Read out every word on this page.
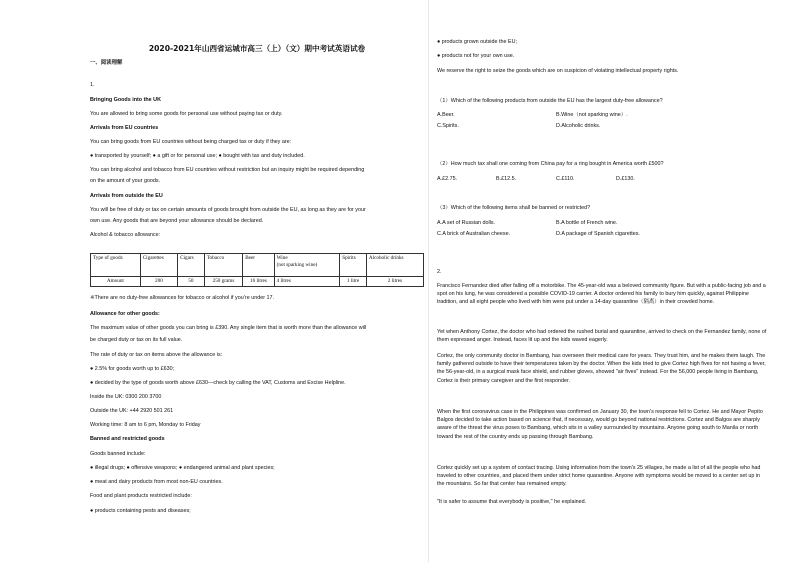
2020-2021年山西省运城市高三（上）（文）期中考试英语试卷
一、阅读理解
1.
Bringing Goods into the UK
You are allowed to bring some goods for personal use without paying tax or duty.
Arrivals from EU countries
You can bring goods from EU countries without being charged tax or duty if they are:
● transported by yourself; ● a gift or for personal use; ● bought with tax and duty included.
You can bring alcohol and tobacco from EU countries without restriction but an inquiry might be required depending
on the amount of your goods.
Arrivals from outside the EU
You will be free of duty or tax on certain amounts of goods brought from outside the EU, as long as they are for your
own use. Any goods that are beyond your allowance should be declared.
Alcohol & tobacco allowance:
Type of goods	Cigarettes	Cigars	Tobacco	Beer	Wine
(not sparking wine)	Spirits	Alcoholic drinks
Amount	200	50	250 grams	16 litres	4 litres	1 litre	2 litres
※There are no duty-free allowances for tobacco or alcohol if you’re under 17.
Allowance for other goods:
The maximum value of other goods you can bring is £390. Any single item that is worth more than the allowance will
be charged duty or tax on its full value.
The rate of duty or tax on items above the allowance is:
● 2.5% for goods worth up to £630;
● decided by the type of goods worth above £630—check by calling the VAT, Customs and Excise Helpline.
Inside the UK: 0300 200 3700
Outside the UK: +44 2920 501 261
Working time: 8 am to 6 pm, Monday to Friday
Banned and restricted goods
Goods banned include:
● illegal drugs; ● offensive weapons; ● endangered animal and plant species;
● meat and dairy products from most non-EU countries.
Food and plant products restricted include:
● products containing pests and diseases;
● products grown outside the EU;
● products not for your own use.
We reserve the right to seize the goods which are on suspicion of violating intellectual property rights.
（1）Which of the following products from outside the EU has the largest duty-free allowance?
A.Beer.	B.Wine（not sparking wine）.
C.Spirits.	D.Alcoholic drinks.
（2）How much tax shall one coming from China pay for a ring bought in America worth £500?
A.£2.75.	B.£12.5.	C.£110.	D.£130.
（3）Which of the following items shall be banned or restricted?
A.A set of Russian dolls.	B.A bottle of French wine.
C.A brick of Australian cheese.	D.A package of Spanish cigarettes.
2.
Francisco Fernandez died after falling off a motorbike. The 45-year-old was a beloved community figure. But with a public-facing job and a spot on his lung, he was considered a possible COVID-19 carrier. A doctor ordered his family to bury him quickly, against Philippine tradition, and all eight people who lived with him were put under a 14-day quarantine（隔离）in their crowded home.
Yet when Anthony Cortez, the doctor who had ordered the rushed burial and quarantine, arrived to check on the Fernandez family, none of them expressed anger. Instead, faces lit up and the kids waved eagerly.
Cortez, the only community doctor in Bambang, has overseen their medical care for years. They trust him, and he makes them laugh. The family gathered outside to have their temperatures taken by the doctor. When the kids tried to give Cortez high fives for not having a fever, the 56-year-old, in a surgical mask face shield, and rubber gloves, showed "air fives" instead. For the 56,000 people living in Bambang, Cortez is their primary caregiver and the first responder.
When the first coronavirus case in the Philippines was confirmed on January 30, the town's response fell to Cortez. He and Mayor Pepito Balgos decided to take action based on science that, if necessary, would go beyond national restrictions. Cortez and Balgos are sharply aware of the threat the virus poses to Bambang, which sits in a valley surrounded by mountains. Anyone going south to Manila or north toward the rest of the country ends up passing through Bambang.
Cortez quickly set up a system of contact tracing. Using information from the town's 25 villages, he made a list of all the people who had traveled to other countries, and placed them under strict home quarantine. Anyone with symptoms would be moved to a center set up in the mountains. So far that center has remained empty.
"It is safer to assume that everybody is positive," he explained.
